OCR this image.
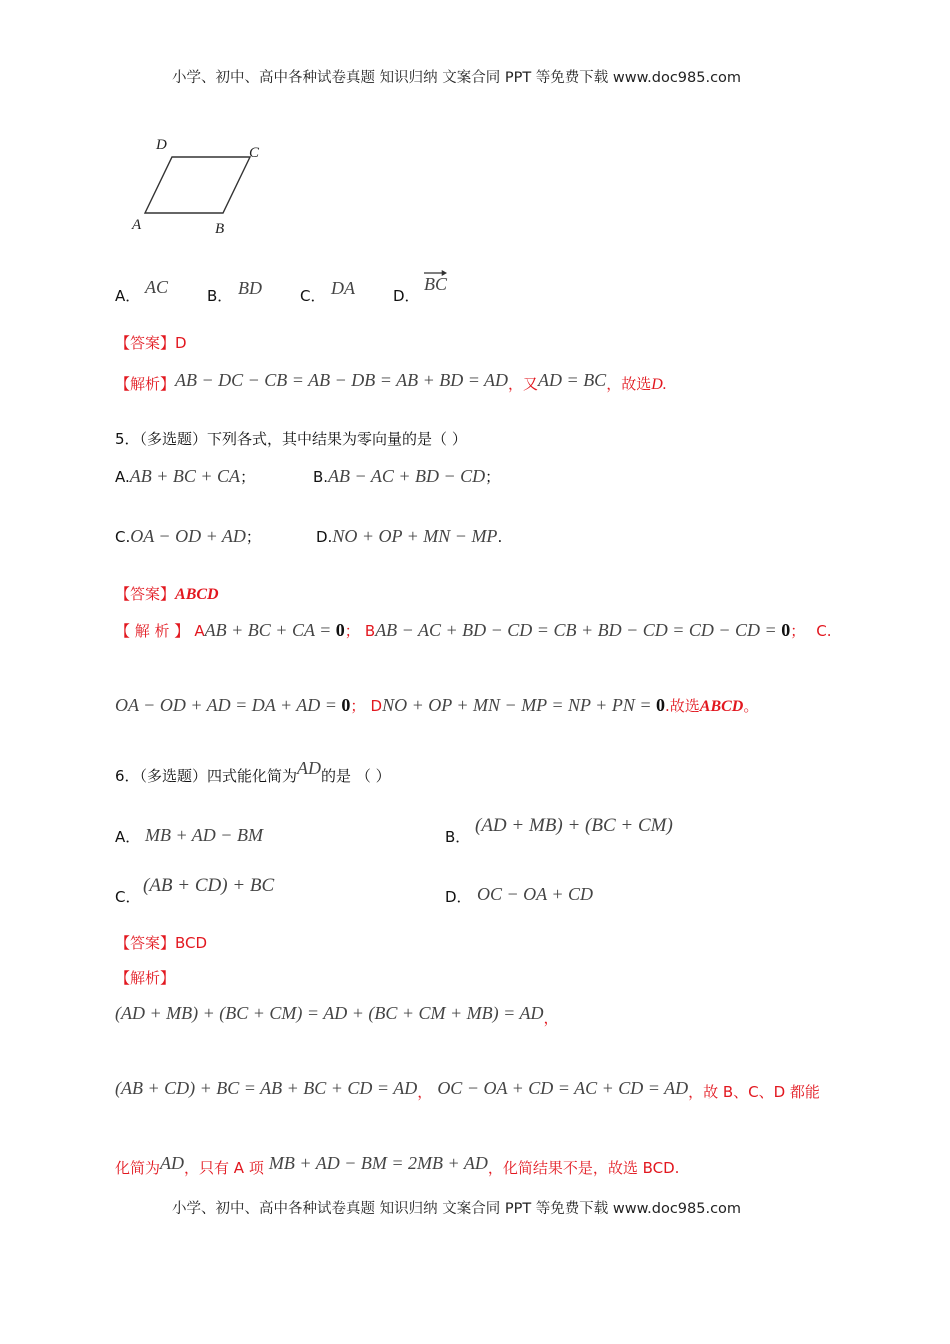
小学、初中、高中各种试卷真题 知识归纳 文案合同 PPT 等免费下载 www.doc985.com
D	C
A	B
A． AC	B． BD	C． DA	D．
BC
【答案】D
【解析】AB − DC − CB = AB − DB = AB + BD = AD，又AD = BC，故选D.
5．（多选题）下列各式，其中结果为零向量的是（ ）
A.AB + BC + CA；	B.AB − AC + BD − CD；
C.OA − OD + AD；	D.NO + OP + MN − MP.
【答案】ABCD
【 解 析 】 AAB + BC + CA = 0； BAB − AC + BD − CD = CB + BD − CD = CD − CD = 0； C.
OA − OD + AD = DA + AD = 0； DNO + OP + MN − MP = NP + PN = 0.故选ABCD。
6．（多选题）四式能化简为AD的是 （ ）
A． MB + AD − BM	B．
(AD + MB) + (BC + CM)
C．
(AB + CD) + BC
D． OC − OA + CD
【答案】BCD
【解析】
(AD + MB) + (BC + CM) = AD + (BC + CM + MB) = AD，
(AB + CD) + BC = AB + BC + CD = AD， OC − OA + CD = AC + CD = AD，故 B、C、D 都能
化简为AD，只有 A 项 MB + AD − BM = 2MB + AD，化简结果不是，故选 BCD.
小学、初中、高中各种试卷真题 知识归纳 文案合同 PPT 等免费下载 www.doc985.com
